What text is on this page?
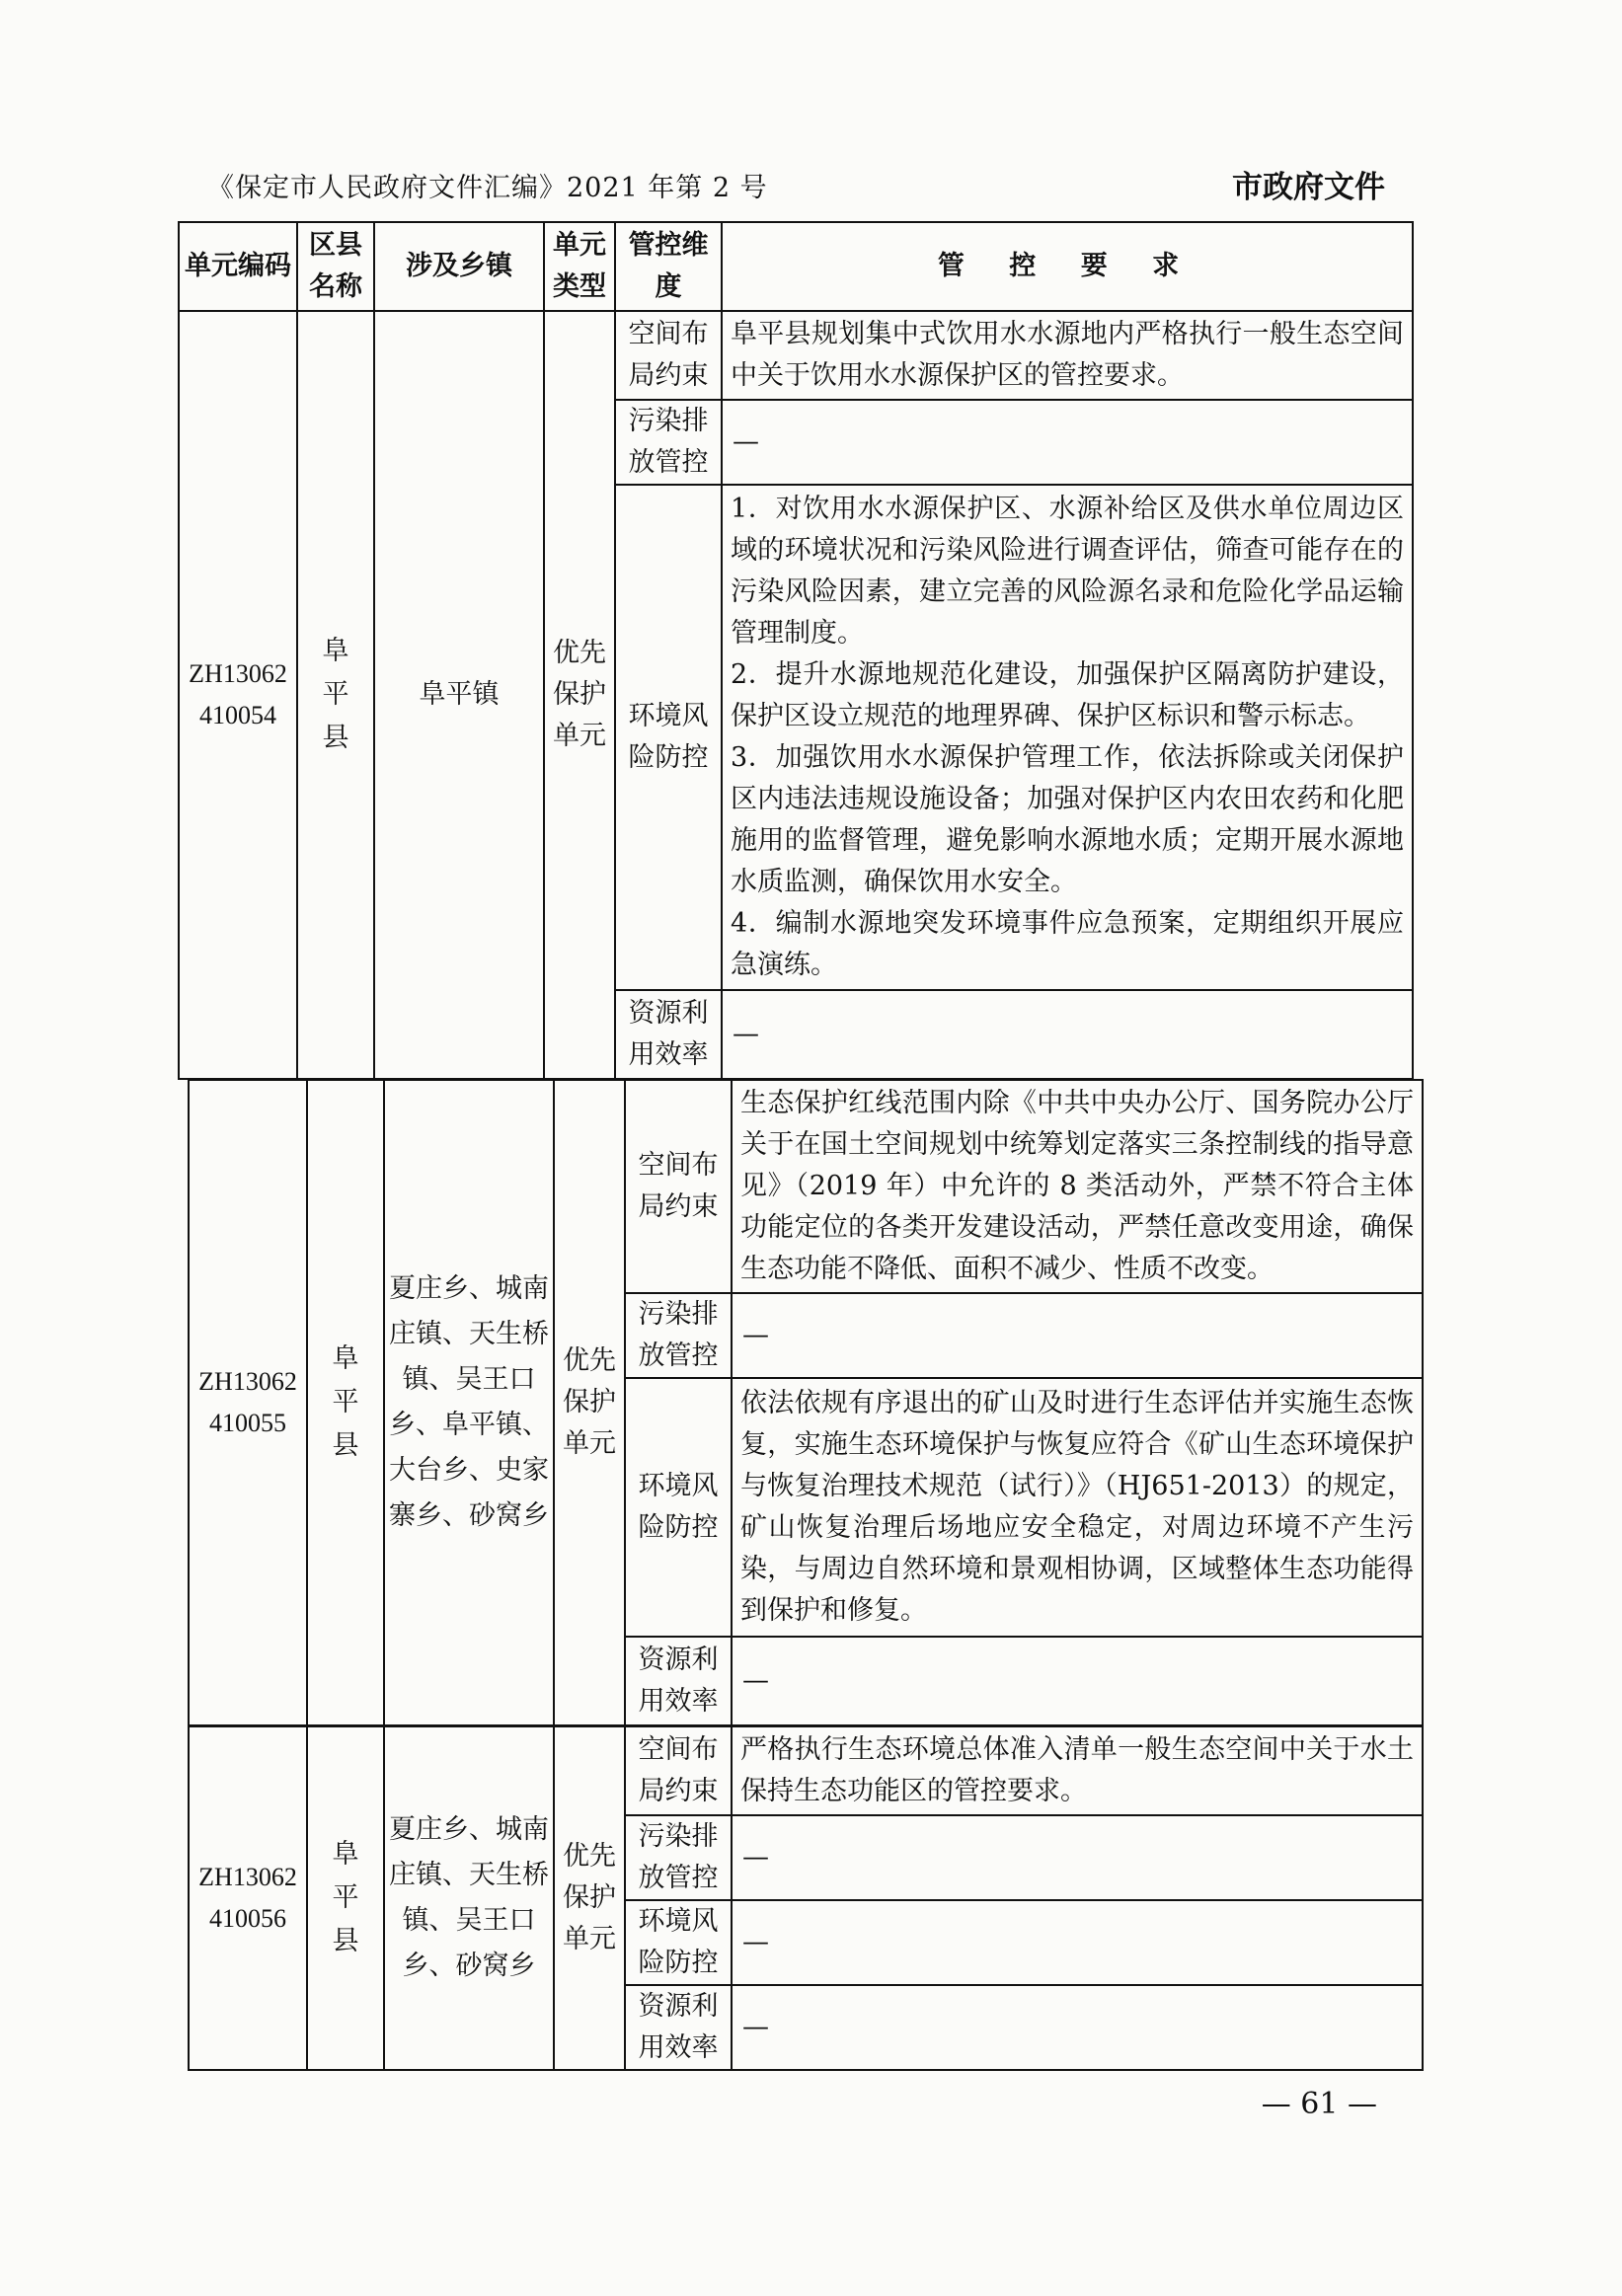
《保定市人民政府文件汇编》2021 年第 2 号	市政府文件
单元编码	区县名称	涉及乡镇	单元类型	管控维度	管 控 要 求

ZH13062
410054	阜平县	阜平镇	优先保护单元	空间布局约束	阜平县规划集中式饮用水水源地内严格执行一般生态空间中关于饮用水水源保护区的管控要求。
				污染排放管控	—
				环境风险防控	1．对饮用水水源保护区、水源补给区及供水单位周边区域的环境状况和污染风险进行调查评估，筛查可能存在的污染风险因素，建立完善的风险源名录和危险化学品运输管理制度。
2．提升水源地规范化建设，加强保护区隔离防护建设，保护区设立规范的地理界碑、保护区标识和警示标志。
3．加强饮用水水源保护管理工作，依法拆除或关闭保护区内违法违规设施设备；加强对保护区内农田农药和化肥施用的监督管理，避免影响水源地水质；定期开展水源地水质监测，确保饮用水安全。
4．编制水源地突发环境事件应急预案，定期组织开展应急演练。

				资源利用效率	—
ZH13062
410055	阜平县	夏庄乡、城南庄镇、天生桥镇、吴王口乡、阜平镇、大台乡、史家寨乡、砂窝乡	优先保护单元	空间布局约束	生态保护红线范围内除《中共中央办公厅、国务院办公厅关于在国土空间规划中统筹划定落实三条控制线的指导意见》（2019 年）中允许的 8 类活动外，严禁不符合主体功能定位的各类开发建设活动，严禁任意改变用途，确保生态功能不降低、面积不减少、性质不改变。
				污染排放管控	—
				环境风险防控	依法依规有序退出的矿山及时进行生态评估并实施生态恢复，实施生态环境保护与恢复应符合《矿山生态环境保护与恢复治理技术规范（试行）》（HJ651-2013）的规定，矿山恢复治理后场地应安全稳定，对周边环境不产生污染，与周边自然环境和景观相协调，区域整体生态功能得到保护和修复。
				资源利用效率	—
ZH13062
410056	阜平县	夏庄乡、城南庄镇、天生桥镇、吴王口乡、砂窝乡	优先保护单元	空间布局约束	严格执行生态环境总体准入清单一般生态空间中关于水土保持生态功能区的管控要求。
				污染排放管控	—
				环境风险防控	—
				资源利用效率	—
— 61 —
